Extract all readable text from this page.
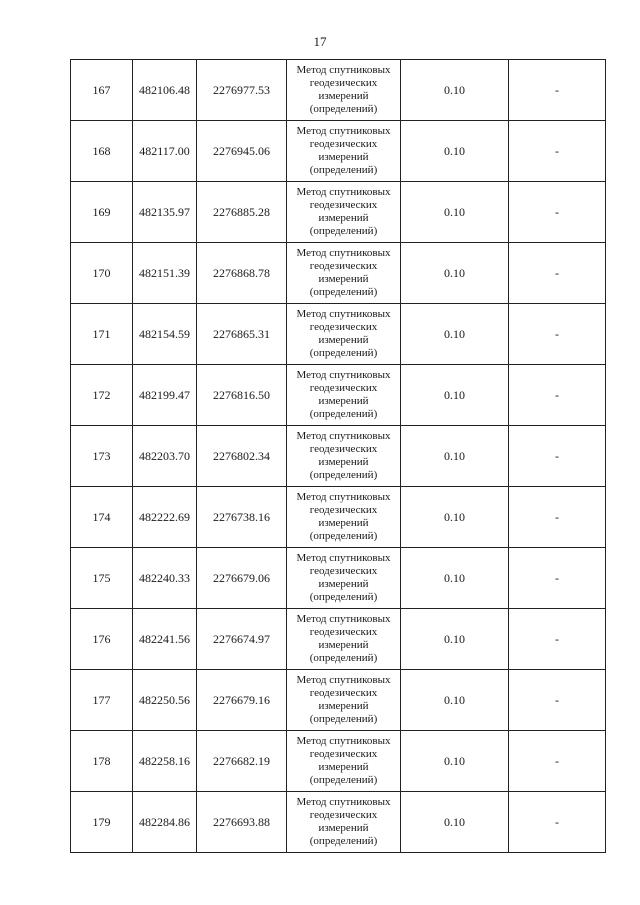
17
167	482106.48	2276977.53	Метод спутниковых
геодезических
измерений
(определений)	0.10	-
168	482117.00	2276945.06	Метод спутниковых
геодезических
измерений
(определений)	0.10	-
169	482135.97	2276885.28	Метод спутниковых
геодезических
измерений
(определений)	0.10	-
170	482151.39	2276868.78	Метод спутниковых
геодезических
измерений
(определений)	0.10	-
171	482154.59	2276865.31	Метод спутниковых
геодезических
измерений
(определений)	0.10	-
172	482199.47	2276816.50	Метод спутниковых
геодезических
измерений
(определений)	0.10	-
173	482203.70	2276802.34	Метод спутниковых
геодезических
измерений
(определений)	0.10	-
174	482222.69	2276738.16	Метод спутниковых
геодезических
измерений
(определений)	0.10	-
175	482240.33	2276679.06	Метод спутниковых
геодезических
измерений
(определений)	0.10	-
176	482241.56	2276674.97	Метод спутниковых
геодезических
измерений
(определений)	0.10	-
177	482250.56	2276679.16	Метод спутниковых
геодезических
измерений
(определений)	0.10	-
178	482258.16	2276682.19	Метод спутниковых
геодезических
измерений
(определений)	0.10	-
179	482284.86	2276693.88	Метод спутниковых
геодезических
измерений
(определений)	0.10	-
